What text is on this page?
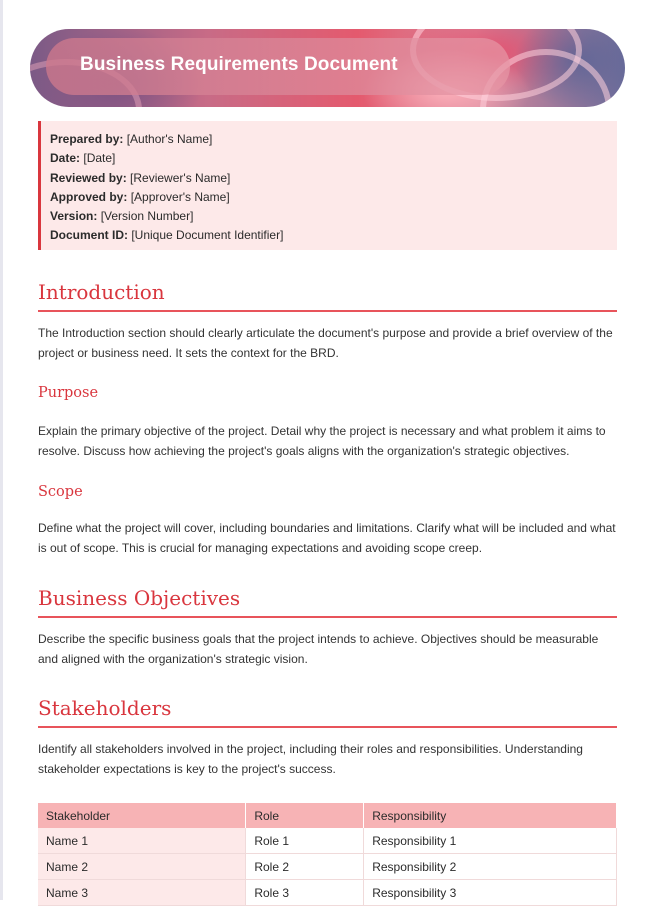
Business Requirements Document
Prepared by: [Author's Name]
Date: [Date]
Reviewed by: [Reviewer's Name]
Approved by: [Approver's Name]
Version: [Version Number]
Document ID: [Unique Document Identifier]
Introduction

The Introduction section should clearly articulate the document's purpose and provide a brief overview of the project or business need. It sets the context for the BRD.

Purpose

Explain the primary objective of the project. Detail why the project is necessary and what problem it aims to resolve. Discuss how achieving the project's goals aligns with the organization's strategic objectives.

Scope

Define what the project will cover, including boundaries and limitations. Clarify what will be included and what is out of scope. This is crucial for managing expectations and avoiding scope creep.

Business Objectives

Describe the specific business goals that the project intends to achieve. Objectives should be measurable and aligned with the organization's strategic vision.

Stakeholders

Identify all stakeholders involved in the project, including their roles and responsibilities. Understanding stakeholder expectations is key to the project's success.

Stakeholder	Role	Responsibility
Name 1	Role 1	Responsibility 1
Name 2	Role 2	Responsibility 2
Name 3	Role 3	Responsibility 3
